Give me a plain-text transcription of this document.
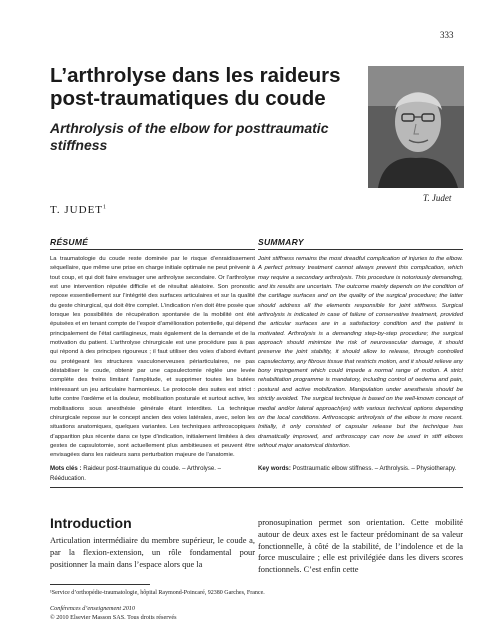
333
L’arthrolyse dans les raideurs post-traumatiques du coude
Arthrolysis of the elbow for posttraumatic stiffness
T. JUDET$^1$
T. Judet
RÉSUMÉ

La traumatologie du coude reste dominée par le risque d’enraidissement séquellaire, que même une prise en charge initiale optimale ne peut prévenir à tout coup, et qui doit faire envisager une arthrolyse secondaire. Or l’arthrolyse est une intervention réputée difficile et de résultat aléatoire. Son pronostic repose essentiellement sur l’intégrité des surfaces articulaires et sur la qualité du geste chirurgical, qui doit être complet. L’indication n’en doit être posée que lorsque les possibilités de récupération spontanée de la mobilité ont été épuisées et en tenant compte de l’espoir d’amélioration potentielle, qui dépend principalement de l’état cartilagineux, mais également de la demande et de la motivation du patient. L’arthrolyse chirurgicale est une procédure pas à pas qui répond à des principes rigoureux ; il faut utiliser des voies d’abord évitant ou protégeant les structures vasculonerveuses périarticulaires, ne pas déstabiliser le coude, obtenir par une capsulectomie réglée une levée complète des freins limitant l’amplitude, et supprimer toutes les butées intéressant un jeu articulaire harmonieux. Le protocole des suites est strict : lutte contre l’œdème et la douleur, mobilisation posturale et surtout active, les mobilisations sous anesthésie générale étant interdites. La technique chirurgicale repose sur le concept ancien des voies latérales, avec, selon les situations anatomiques, quelques variantes. Les techniques arthroscopiques d’apparition plus récente dans ce type d’indication, initialement limitées à des gestes de capsulotomie, sont actuellement plus ambitieuses et peuvent être envisagées dans les raideurs sans perturbation majeure de l’anatomie.

Mots clés : Raideur post-traumatique du coude. – Arthrolyse. – Rééducation.

SUMMARY

Joint stiffness remains the most dreadful complication of injuries to the elbow. A perfect primary treatment cannot always prevent this complication, which may require a secondary arthrolysis. This procedure is notoriously demanding, and its results are uncertain. The outcome mainly depends on the condition of the cartilage surfaces and on the quality of the surgical procedure; the latter should address all the elements responsible for joint stiffness. Surgical arthrolysis is indicated in case of failure of conservative treatment, provided the articular surfaces are in a satisfactory condition and the patient is motivated. Arthrolysis is a demanding step-by-step procedure; the surgical approach should minimize the risk of neurovascular damage, it should preserve the joint stability, it should allow to release, through controlled capsulectomy, any fibrous tissue that restricts motion, and it should relieve any bony impingement which could impede a normal range of motion. A strict rehabilitation programme is mandatory, including control of oedema and pain, postural and active mobilization. Manipulation under anesthesia should be strictly avoided. The surgical technique is based on the well-known concept of medial and/or lateral approach(es) with various technical options depending on the local conditions. Arthroscopic arthrolysis of the elbow is more recent. Initially, it only consisted of capsular release but the technique has dramatically improved, and arthroscopy can now be used in stiff elbows without major anatomical distortion.

Key words: Posttraumatic elbow stiffness. – Arthrolysis. – Physiotherapy.

Introduction

Articulation intermédiaire du membre supérieur, le coude a, par la flexion-extension, un rôle fondamental pour positionner la main dans l’espace alors que la

pronosupination permet son orientation. Cette mobilité autour de deux axes est le facteur prédominant de sa valeur fonctionnelle, à côté de la stabilité, de l’indolence et de la force musculaire ; elle est privilégiée dans les divers scores fonctionnels. C’est enfin cette

¹Service d’orthopédie-traumatologie, hôpital Raymond-Poincaré, 92380 Garches, France.

Conférences d’enseignement 2010
© 2010 Elsevier Masson SAS. Tous droits réservés
